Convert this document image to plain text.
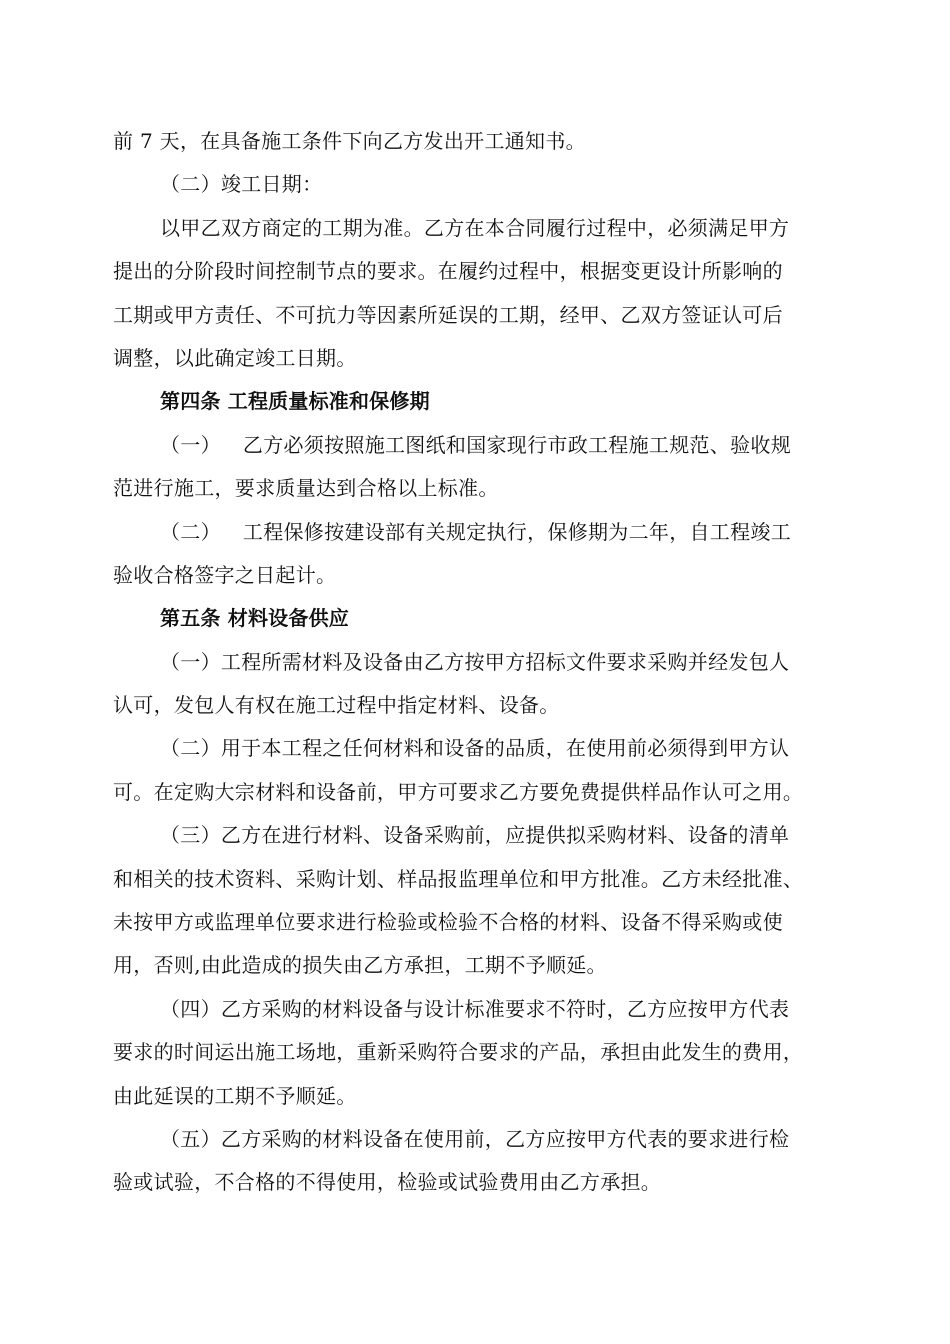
前 7 天，在具备施工条件下向乙方发出开工通知书。
（二）竣工日期：
以甲乙双方商定的工期为准。乙方在本合同履行过程中，必须满足甲方
提出的分阶段时间控制节点的要求。在履约过程中，根据变更设计所影响的
工期或甲方责任、不可抗力等因素所延误的工期，经甲、乙双方签证认可后
调整，以此确定竣工日期。
第四条 工程质量标准和保修期
（一） 乙方必须按照施工图纸和国家现行市政工程施工规范、验收规
范进行施工，要求质量达到合格以上标准。
（二） 工程保修按建设部有关规定执行，保修期为二年，自工程竣工
验收合格签字之日起计。
第五条 材料设备供应
（一）工程所需材料及设备由乙方按甲方招标文件要求采购并经发包人
认可，发包人有权在施工过程中指定材料、设备。
（二）用于本工程之任何材料和设备的品质，在使用前必须得到甲方认
可。在定购大宗材料和设备前，甲方可要求乙方要免费提供样品作认可之用。
（三）乙方在进行材料、设备采购前，应提供拟采购材料、设备的清单
和相关的技术资料、采购计划、样品报监理单位和甲方批准。乙方未经批准、
未按甲方或监理单位要求进行检验或检验不合格的材料、设备不得采购或使
用，否则,由此造成的损失由乙方承担，工期不予顺延。
（四）乙方采购的材料设备与设计标准要求不符时，乙方应按甲方代表
要求的时间运出施工场地，重新采购符合要求的产品，承担由此发生的费用，
由此延误的工期不予顺延。
（五）乙方采购的材料设备在使用前，乙方应按甲方代表的要求进行检
验或试验，不合格的不得使用，检验或试验费用由乙方承担。
